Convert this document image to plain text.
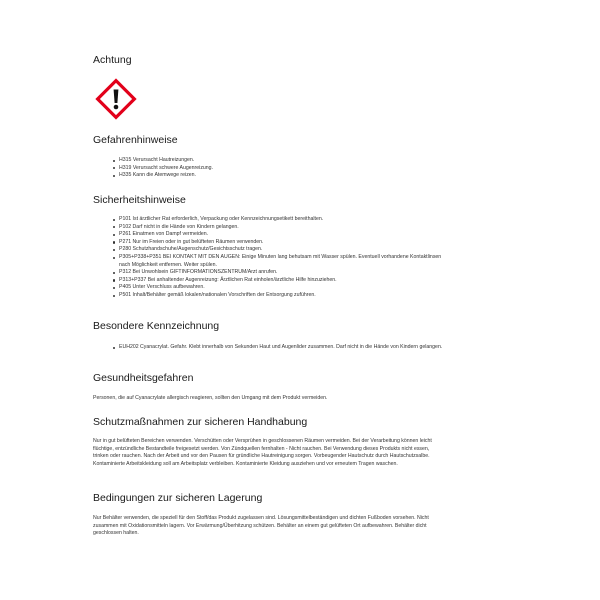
Achtung
Gefahrenhinweise
H315 Verursacht Hautreizungen.
H319 Verursacht schwere Augenreizung.
H335 Kann die Atemwege reizen.
Sicherheitshinweise
P101 Ist ärztlicher Rat erforderlich, Verpackung oder Kennzeichnungsetikett bereithalten.
P102 Darf nicht in die Hände von Kindern gelangen.
P261 Einatmen von Dampf vermeiden.
P271 Nur im Freien oder in gut belüfteten Räumen verwenden.
P280 Schutzhandschuhe/Augenschutz/Gesichtsschutz tragen.
P305+P338+P351 BEI KONTAKT MIT DEN AUGEN: Einige Minuten lang behutsam mit Wasser spülen. Eventuell vorhandene Kontaktlinsen nach Möglichkeit entfernen. Weiter spülen.
P312 Bei Unwohlsein GIFTINFORMATIONSZENTRUM/Arzt anrufen.
P313+P337 Bei anhaltender Augenreizung: Ärztlichen Rat einholen/ärztliche Hilfe hinzuziehen.
P405 Unter Verschluss aufbewahren.
P501 Inhalt/Behälter gemäß lokalen/nationalen Vorschriften der Entsorgung zuführen.
Besondere Kennzeichnung
EUH202 Cyanacrylat. Gefahr. Klebt innerhalb von Sekunden Haut und Augenlider zusammen. Darf nicht in die Hände von Kindern gelangen.
Gesundheitsgefahren

Personen, die auf Cyanacrylate allergisch reagieren, sollten den Umgang mit dem Produkt vermeiden.

Schutzmaßnahmen zur sicheren Handhabung

Nur in gut belüfteten Bereichen verwenden. Verschütten oder Versprühen in geschlossenen Räumen vermeiden. Bei der Verarbeitung können leicht flüchtige, entzündliche Bestandteile freigesetzt werden. Von Zündquellen fernhalten - Nicht rauchen. Bei Verwendung dieses Produkts nicht essen, trinken oder rauchen. Nach der Arbeit und vor den Pausen für gründliche Hautreinigung sorgen. Vorbeugender Hautschutz durch Hautschutzsalbe. Kontaminierte Arbeitskleidung soll am Arbeitsplatz verbleiben. Kontaminierte Kleidung ausziehen und vor erneutem Tragen waschen.

Bedingungen zur sicheren Lagerung

Nur Behälter verwenden, die speziell für den Stoff/das Produkt zugelassen sind. Lösungsmittelbeständigen und dichten Fußboden vorsehen. Nicht zusammen mit Oxidationsmitteln lagern. Vor Erwärmung/Überhitzung schützen. Behälter an einem gut gelüfteten Ort aufbewahren. Behälter dicht geschlossen halten.
